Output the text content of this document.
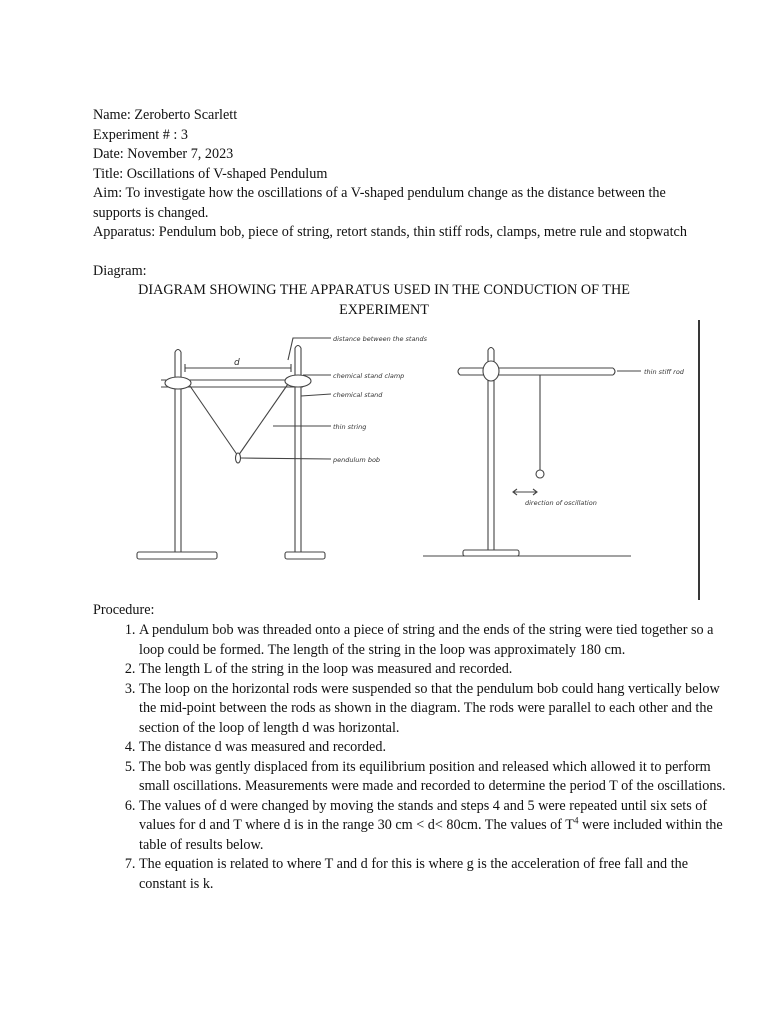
Name: Zeroberto Scarlett
Experiment # : 3
Date: November 7, 2023
Title: Oscillations of V-shaped Pendulum
Aim: To investigate how the oscillations of a V-shaped pendulum change as the distance between the supports is changed.
Apparatus: Pendulum bob, piece of string, retort stands, thin stiff rods, clamps, metre rule and stopwatch
Diagram:
DIAGRAM SHOWING THE APPARATUS USED IN THE CONDUCTION OF THE EXPERIMENT
d
distance between the stands
chemical stand clamp
chemical stand
thin string
pendulum bob
thin stiff rod
direction of oscillation
Procedure:
1. A pendulum bob was threaded onto a piece of string and the ends of the string were tied together so a loop could be formed. The length of the string in the loop was approximately 180 cm.
2. The length L of the string in the loop was measured and recorded.
3. The loop on the horizontal rods were suspended so that the pendulum bob could hang vertically below the mid-point between the rods as shown in the diagram. The rods were parallel to each other and the section of the loop of length d was horizontal.
4. The distance d was measured and recorded.
5. The bob was gently displaced from its equilibrium position and released which allowed it to perform small oscillations. Measurements were made and recorded to determine the period T of the oscillations.
6. The values of d were changed by moving the stands and steps 4 and 5 were repeated until six sets of values for d and T where d is in the range 30 cm < d< 80cm. The values of $T^4$ were included within the table of results below.
7. The equation is related to where T and d for this is where g is the acceleration of free fall and the constant is k.
